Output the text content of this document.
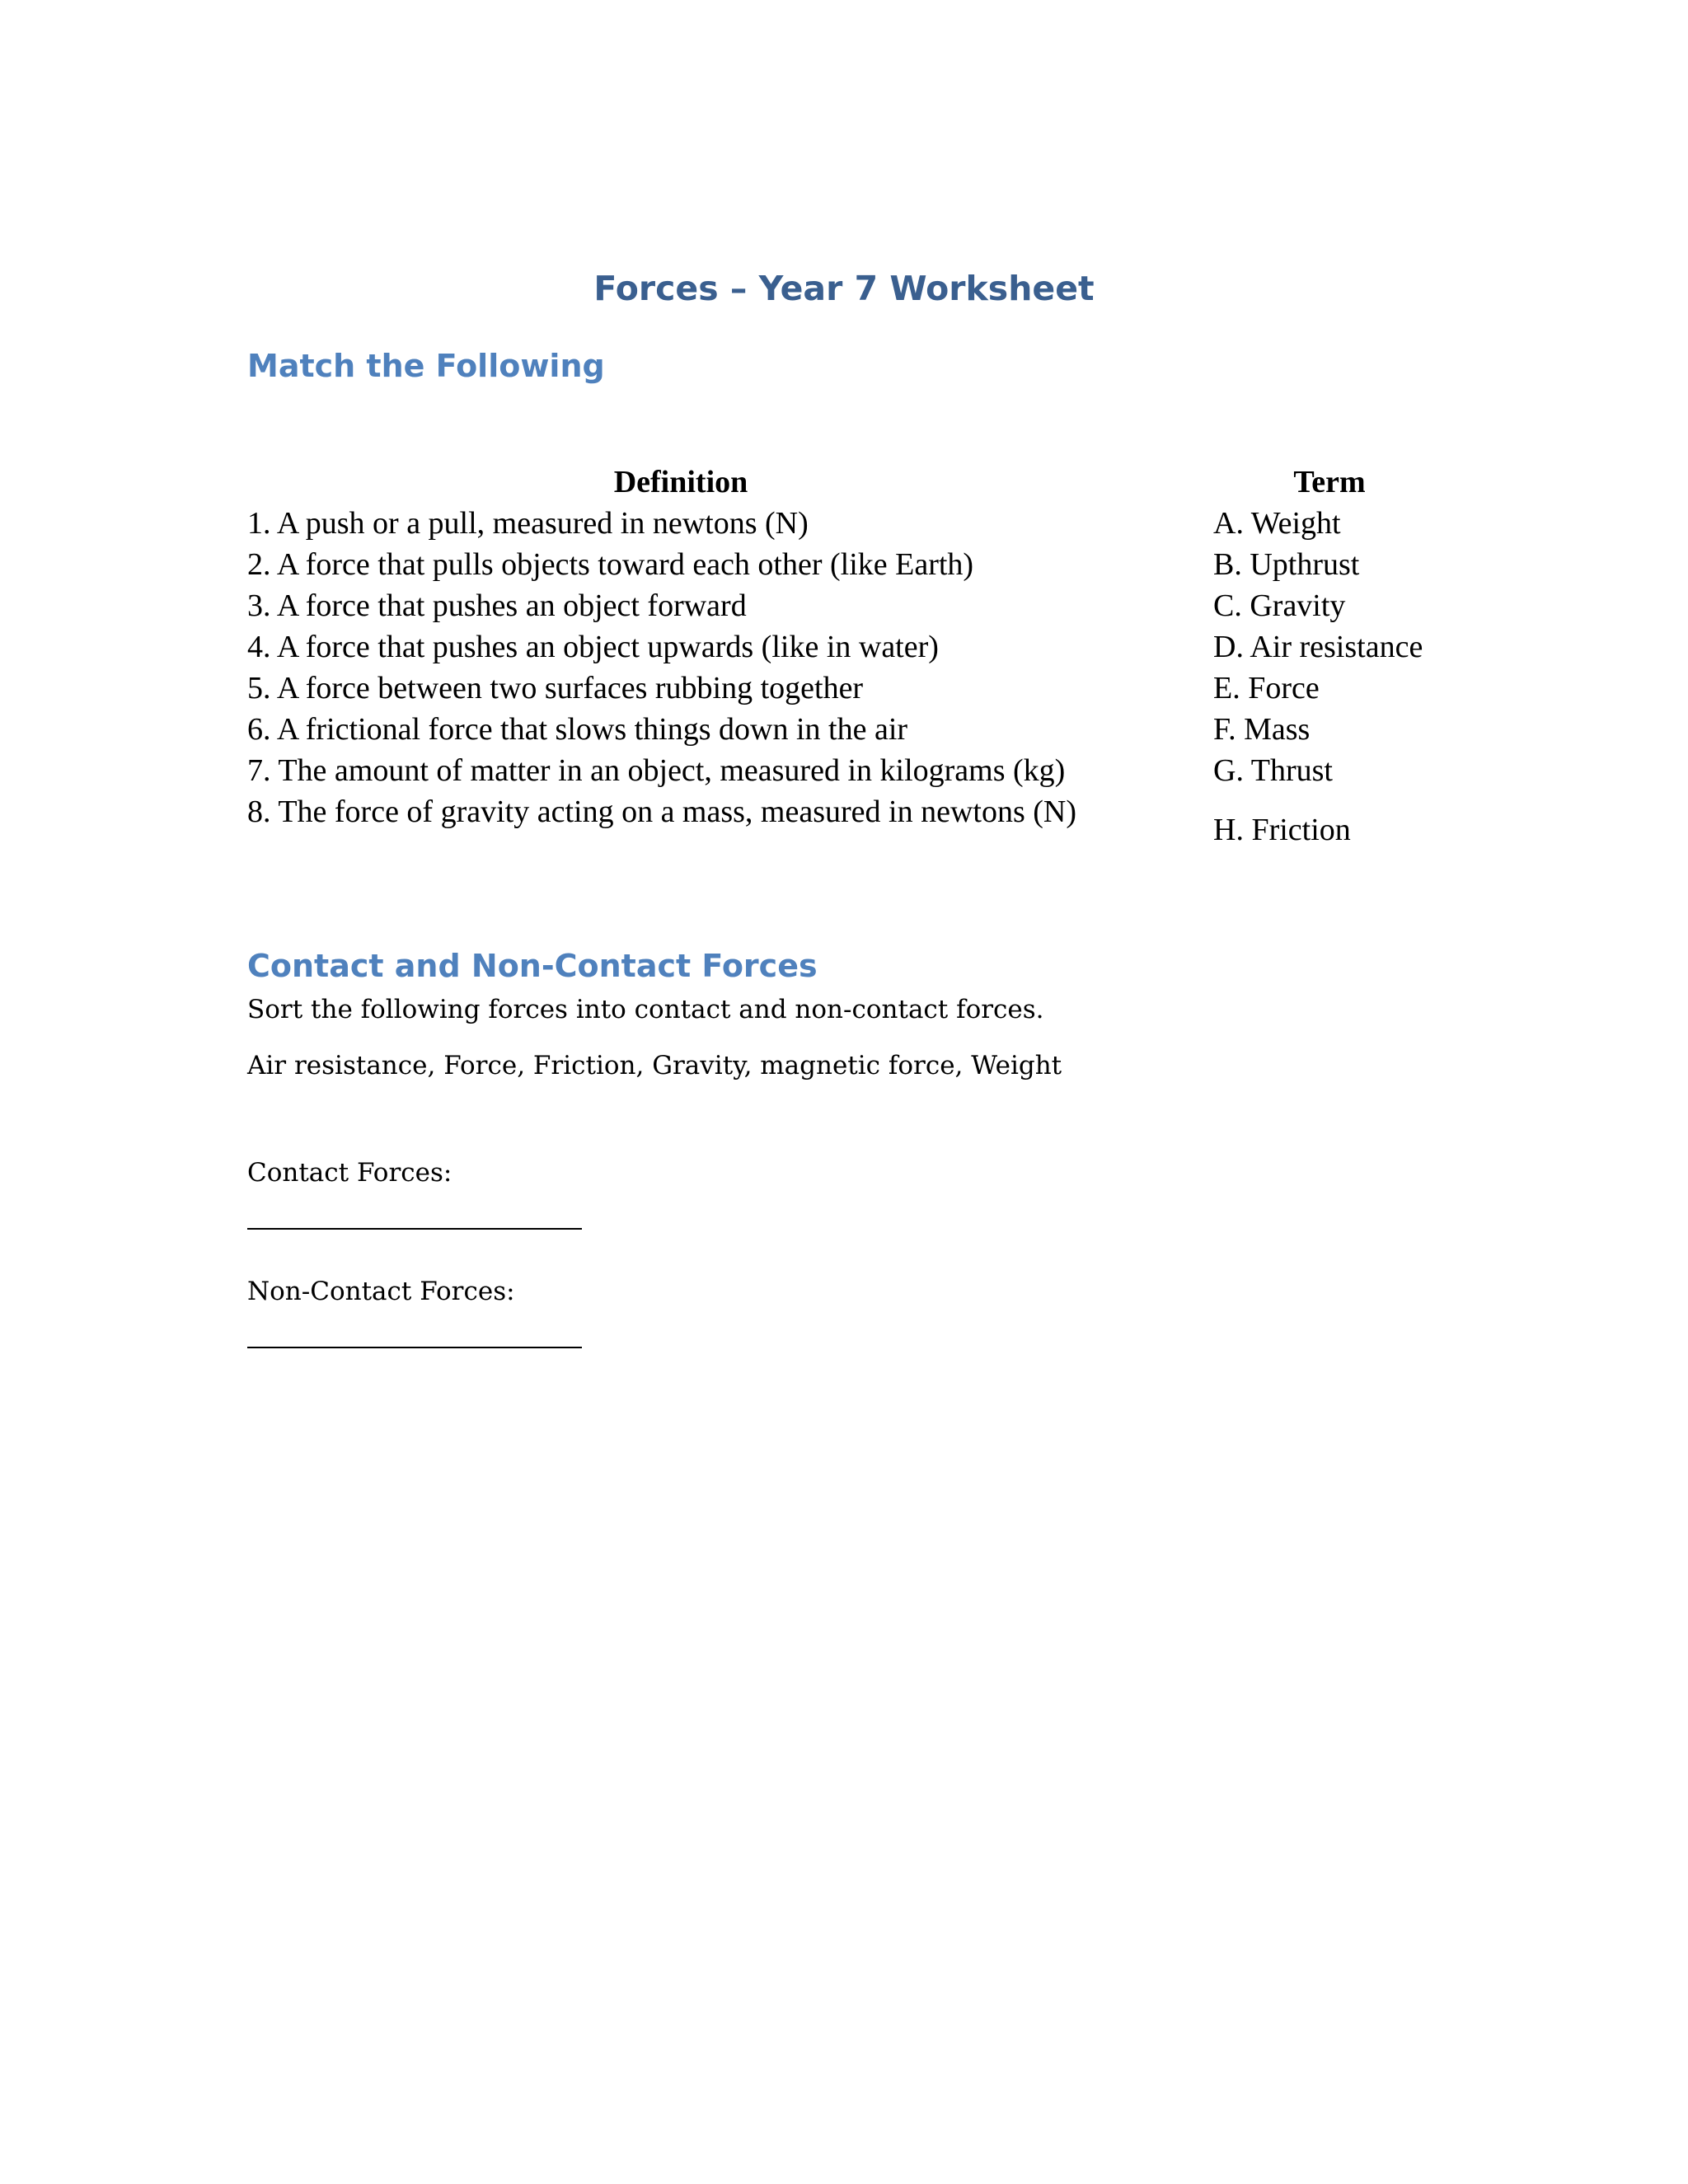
Forces – Year 7 Worksheet
Match the Following
Definition
1. A push or a pull, measured in newtons (N)
2. A force that pulls objects toward each other (like Earth)
3. A force that pushes an object forward
4. A force that pushes an object upwards (like in water)
5. A force between two surfaces rubbing together
6. A frictional force that slows things down in the air
7. The amount of matter in an object, measured in kilograms (kg)
8. The force of gravity acting on a mass, measured in newtons (N)
Term
A. Weight
B. Upthrust
C. Gravity
D. Air resistance
E. Force
F. Mass
G. Thrust
H. Friction
Contact and Non-Contact Forces

Sort the following forces into contact and non-contact forces.

Air resistance, Force, Friction, Gravity, magnetic force, Weight

Contact Forces:

Non-Contact Forces:
